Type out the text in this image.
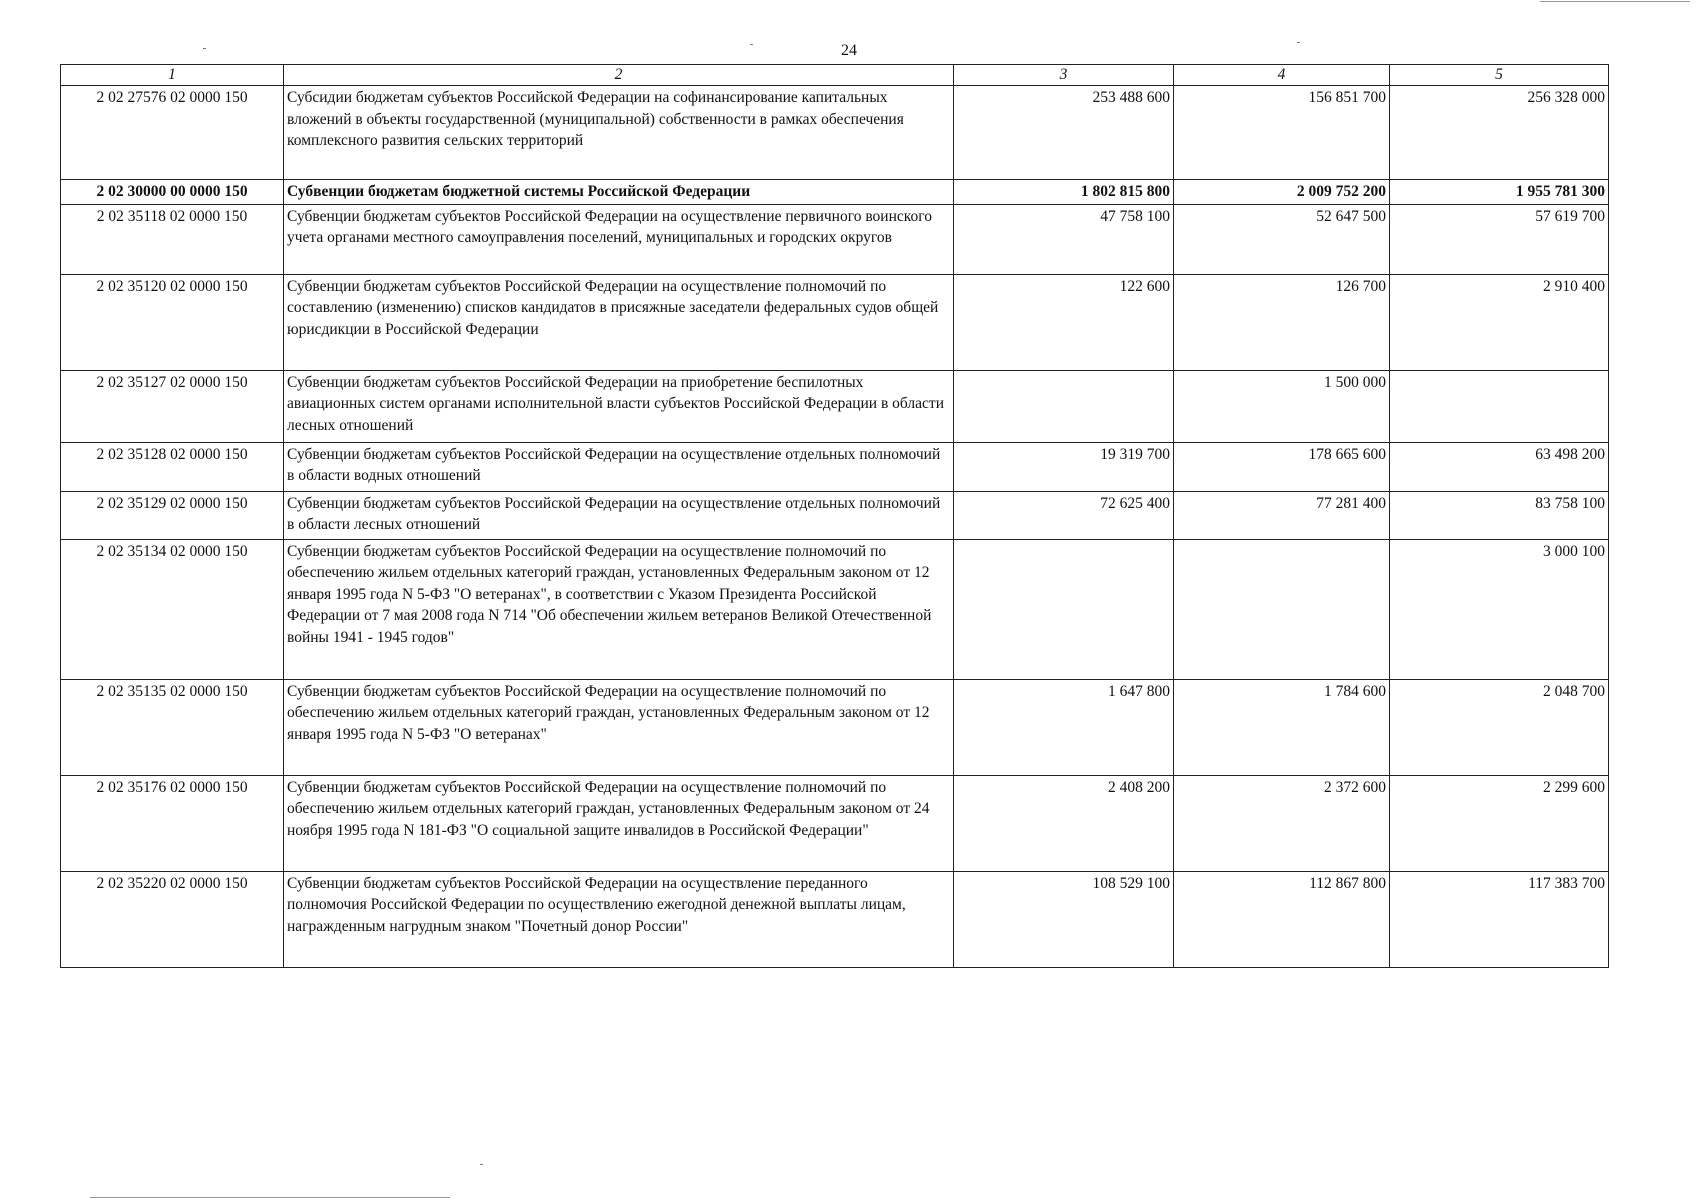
24
1	2	3	4	5
2 02 27576 02 0000 150	Субсидии бюджетам субъектов Российской Федерации на софинансирование капитальных вложений в объекты государственной (муниципальной) собственности в рамках обеспечения комплексного развития сельских территорий	253 488 600	156 851 700	256 328 000
2 02 30000 00 0000 150	Субвенции бюджетам бюджетной системы Российской Федерации	1 802 815 800	2 009 752 200	1 955 781 300
2 02 35118 02 0000 150	Субвенции бюджетам субъектов Российской Федерации на осуществление первичного воинского учета органами местного самоуправления поселений, муниципальных и городских округов	47 758 100	52 647 500	57 619 700
2 02 35120 02 0000 150	Субвенции бюджетам субъектов Российской Федерации на осуществление полномочий по составлению (изменению) списков кандидатов в присяжные заседатели федеральных судов общей юрисдикции в Российской Федерации	122 600	126 700	2 910 400
2 02 35127 02 0000 150	Субвенции бюджетам субъектов Российской Федерации на приобретение беспилотных авиационных систем органами исполнительной власти субъектов Российской Федерации в области лесных отношений		1 500 000	
2 02 35128 02 0000 150	Субвенции бюджетам субъектов Российской Федерации на осуществление отдельных полномочий в области водных отношений	19 319 700	178 665 600	63 498 200
2 02 35129 02 0000 150	Субвенции бюджетам субъектов Российской Федерации на осуществление отдельных полномочий в области лесных отношений	72 625 400	77 281 400	83 758 100
2 02 35134 02 0000 150	Субвенции бюджетам субъектов Российской Федерации на осуществление полномочий по обеспечению жильем отдельных категорий граждан, установленных Федеральным законом от 12 января 1995 года N 5-ФЗ "О ветеранах", в соответствии с Указом Президента Российской Федерации от 7 мая 2008 года N 714 "Об обеспечении жильем ветеранов Великой Отечественной войны 1941 - 1945 годов"			3 000 100
2 02 35135 02 0000 150	Субвенции бюджетам субъектов Российской Федерации на осуществление полномочий по обеспечению жильем отдельных категорий граждан, установленных Федеральным законом от 12 января 1995 года N 5-ФЗ "О ветеранах"	1 647 800	1 784 600	2 048 700
2 02 35176 02 0000 150	Субвенции бюджетам субъектов Российской Федерации на осуществление полномочий по обеспечению жильем отдельных категорий граждан, установленных Федеральным законом от 24 ноября 1995 года N 181-ФЗ "О социальной защите инвалидов в Российской Федерации"	2 408 200	2 372 600	2 299 600
2 02 35220 02 0000 150	Субвенции бюджетам субъектов Российской Федерации на осуществление переданного полномочия Российской Федерации по осуществлению ежегодной денежной выплаты лицам, награжденным нагрудным знаком "Почетный донор России"	108 529 100	112 867 800	117 383 700
